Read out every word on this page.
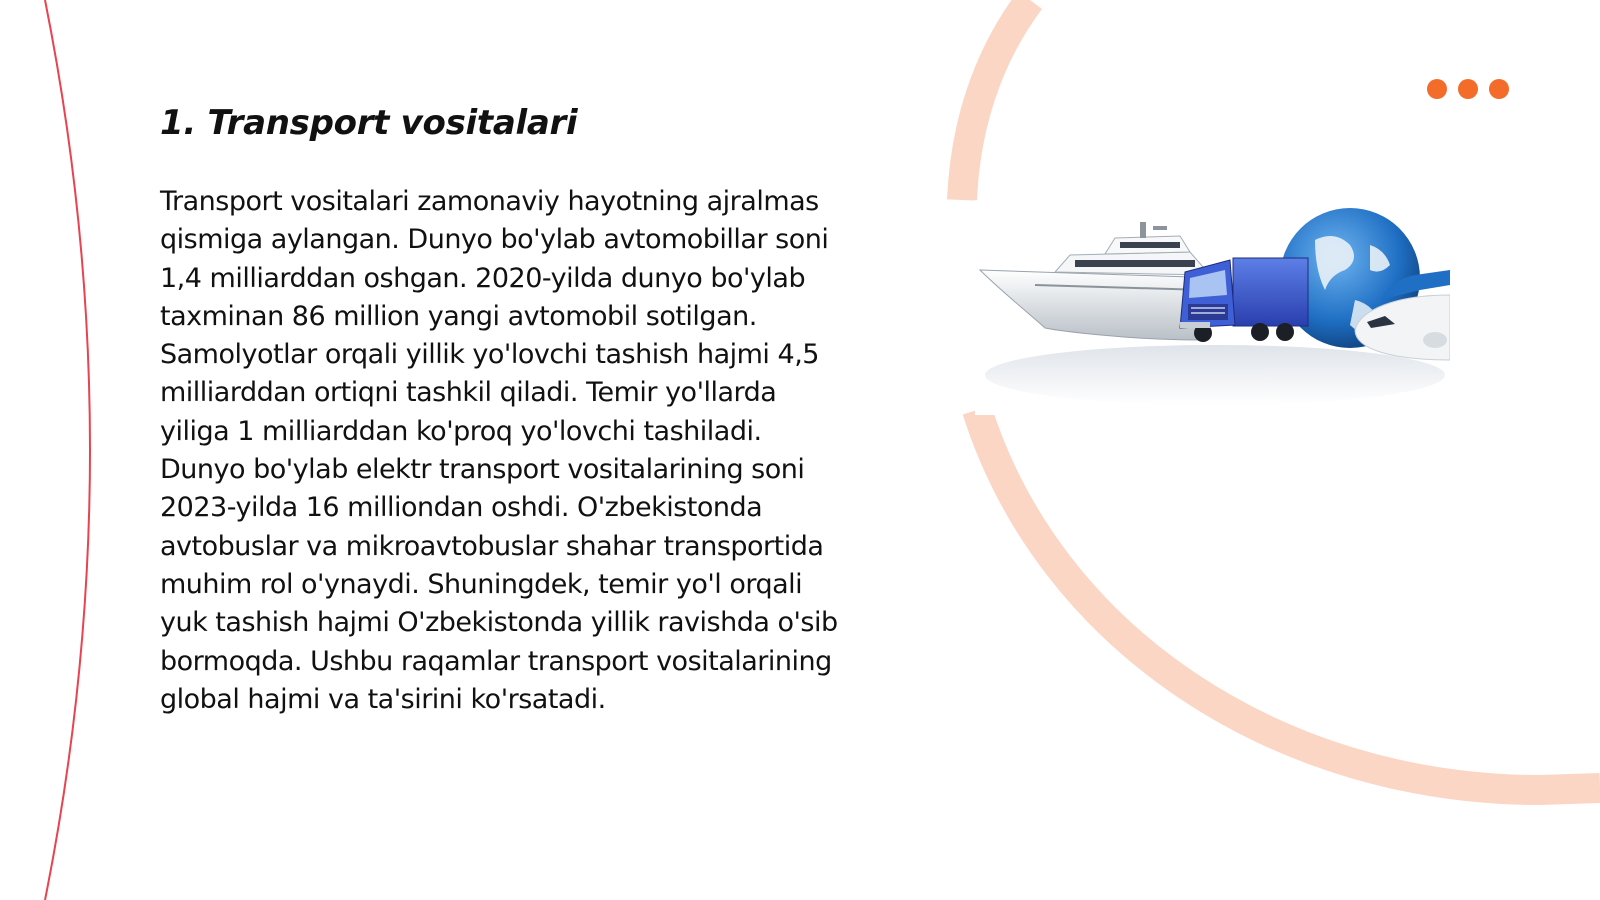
1. Transport vositalari

Transport vositalari zamonaviy hayotning ajralmas qismiga aylangan. Dunyo bo'ylab avtomobillar soni 1,4 milliarddan oshgan. 2020-yilda dunyo bo'ylab taxminan 86 million yangi avtomobil sotilgan. Samolyotlar orqali yillik yo'lovchi tashish hajmi 4,5 milliarddan ortiqni tashkil qiladi. Temir yo'llarda yiliga 1 milliarddan ko'proq yo'lovchi tashiladi. Dunyo bo'ylab elektr transport vositalarining soni 2023-yilda 16 milliondan oshdi. O'zbekistonda avtobuslar va mikroavtobuslar shahar transportida muhim rol o'ynaydi. Shuningdek, temir yo'l orqali yuk tashish hajmi O'zbekistonda yillik ravishda o'sib bormoqda. Ushbu raqamlar transport vositalarining global hajmi va ta'sirini ko'rsatadi.
